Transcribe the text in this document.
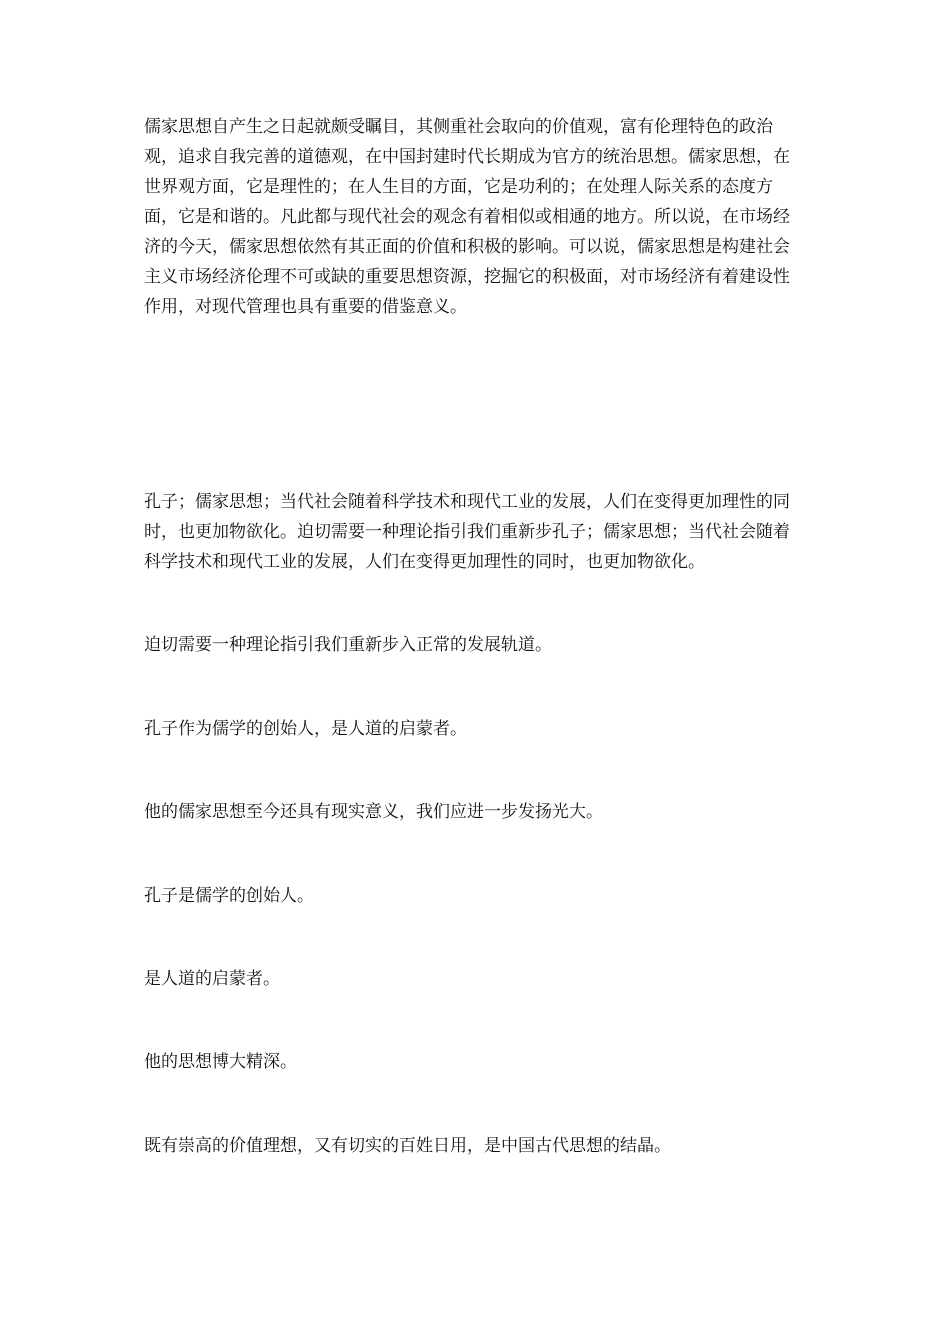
儒家思想自产生之日起就颇受瞩目，其侧重社会取向的价值观，富有伦理特色的政治观，追求自我完善的道德观，在中国封建时代长期成为官方的统治思想。儒家思想，在世界观方面，它是理性的；在人生目的方面，它是功利的；在处理人际关系的态度方面，它是和谐的。凡此都与现代社会的观念有着相似或相通的地方。所以说，在市场经济的今天，儒家思想依然有其正面的价值和积极的影响。可以说，儒家思想是构建社会主义市场经济伦理不可或缺的重要思想资源，挖掘它的积极面，对市场经济有着建设性作用，对现代管理也具有重要的借鉴意义。

孔子；儒家思想；当代社会随着科学技术和现代工业的发展，人们在变得更加理性的同时，也更加物欲化。迫切需要一种理论指引我们重新步孔子；儒家思想；当代社会随着科学技术和现代工业的发展，人们在变得更加理性的同时，也更加物欲化。

迫切需要一种理论指引我们重新步入正常的发展轨道。

孔子作为儒学的创始人，是人道的启蒙者。

他的儒家思想至今还具有现实意义，我们应进一步发扬光大。

孔子是儒学的创始人。

是人道的启蒙者。

他的思想博大精深。

既有崇高的价值理想，又有切实的百姓日用，是中国古代思想的结晶。
